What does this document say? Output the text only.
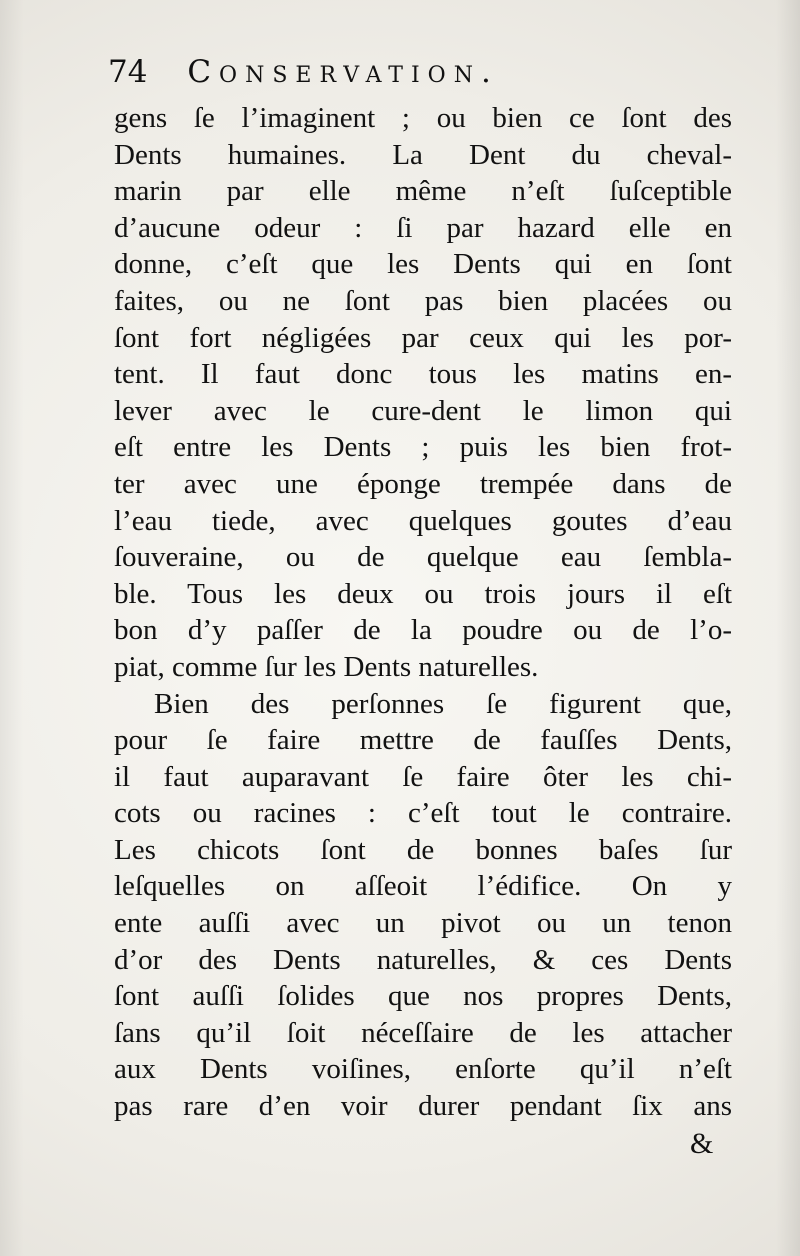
74 Conservation.
gens ſe l’imaginent ; ou bien ce ſont des
Dents humaines. La Dent du cheval-
marin par elle même n’eſt ſuſceptible
d’aucune odeur : ſi par hazard elle en
donne, c’eſt que les Dents qui en ſont
faites, ou ne ſont pas bien placées ou
ſont fort négligées par ceux qui les por-
tent. Il faut donc tous les matins en-
lever avec le cure-dent le limon qui
eſt entre les Dents ; puis les bien frot-
ter avec une éponge trempée dans de
l’eau tiede, avec quelques goutes d’eau
ſouveraine, ou de quelque eau ſembla-
ble. Tous les deux ou trois jours il eſt
bon d’y paſſer de la poudre ou de l’o-
piat, comme ſur les Dents naturelles.
Bien des perſonnes ſe figurent que,
pour ſe faire mettre de fauſſes Dents,
il faut auparavant ſe faire ôter les chi-
cots ou racines : c’eſt tout le contraire.
Les chicots ſont de bonnes baſes ſur
leſquelles on aſſeoit l’édifice. On y
ente auſſi avec un pivot ou un tenon
d’or des Dents naturelles, & ces Dents
ſont auſſi ſolides que nos propres Dents,
ſans qu’il ſoit néceſſaire de les attacher
aux Dents voiſines, enſorte qu’il n’eſt
pas rare d’en voir durer pendant ſix ans
&
